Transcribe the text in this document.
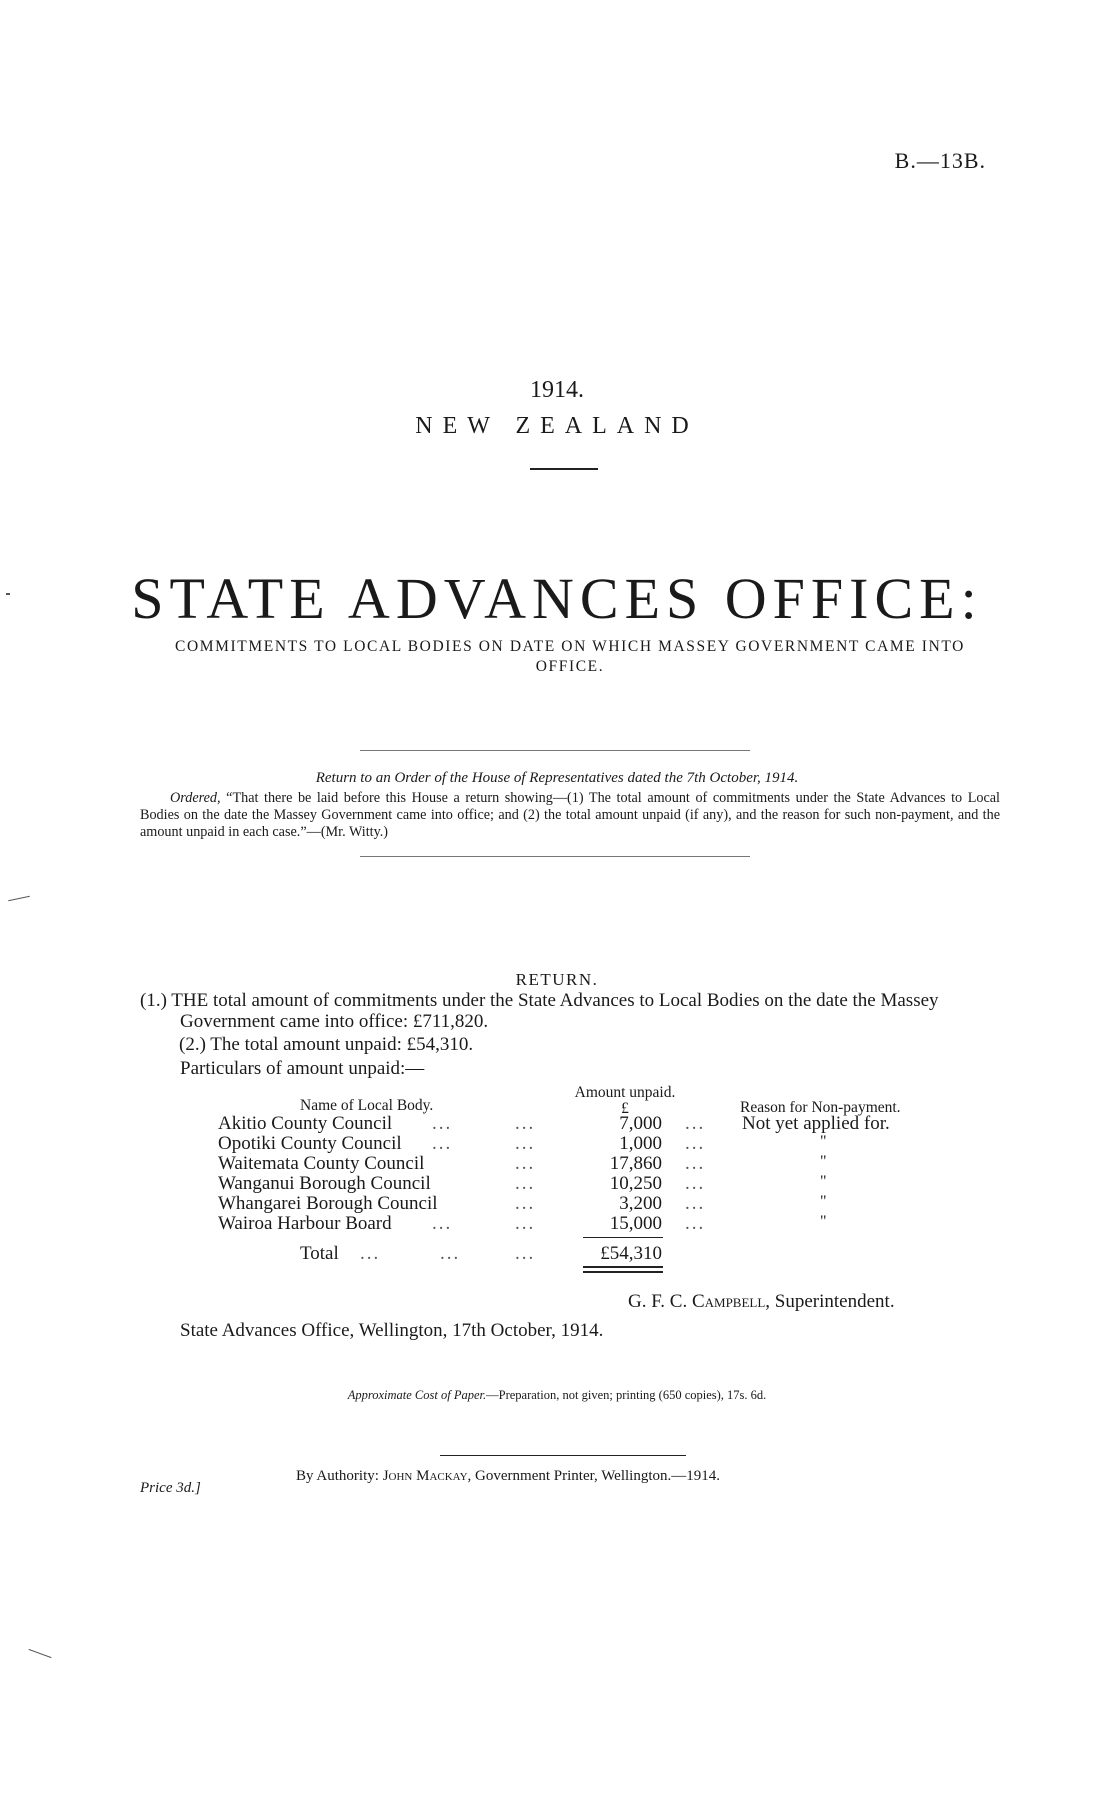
B.—13B.
1914.
NEW ZEALAND
STATE ADVANCES OFFICE:
COMMITMENTS TO LOCAL BODIES ON DATE ON WHICH MASSEY GOVERNMENT CAME INTO OFFICE.
Return to an Order of the House of Representatives dated the 7th October, 1914.
Ordered, “That there be laid before this House a return showing—(1) The total amount of commitments under the State Advances to Local Bodies on the date the Massey Government came into office; and (2) the total amount unpaid (if any), and the reason for such non-payment, and the amount unpaid in each case.”—(Mr. Witty.)
RETURN.
(1.) THE total amount of commitments under the State Advances to Local Bodies on the date the Massey Government came into office: £711,820.
(2.) The total amount unpaid: £54,310.
Particulars of amount unpaid:—
Name of Local Body.
Amount unpaid.
£	Reason for Non-payment.
Akitio County Council ...	...	7,000 ... Not yet applied for.
Opotiki County Council ...	...	1,000 ...	"
Waitemata County Council	...	17,860 ...	"
Wanganui Borough Council	...	10,250 ...	"
Whangarei Borough Council	...	3,200 ...	"
Wairoa Harbour Board ...	...	15,000 ...	"
Total ...	...	...	£54,310
G. F. C. Campbell, Superintendent.
State Advances Office, Wellington, 17th October, 1914.
Approximate Cost of Paper.—Preparation, not given; printing (650 copies), 17s. 6d.
Price 3d.]
By Authority: John Mackay, Government Printer, Wellington.—1914.
